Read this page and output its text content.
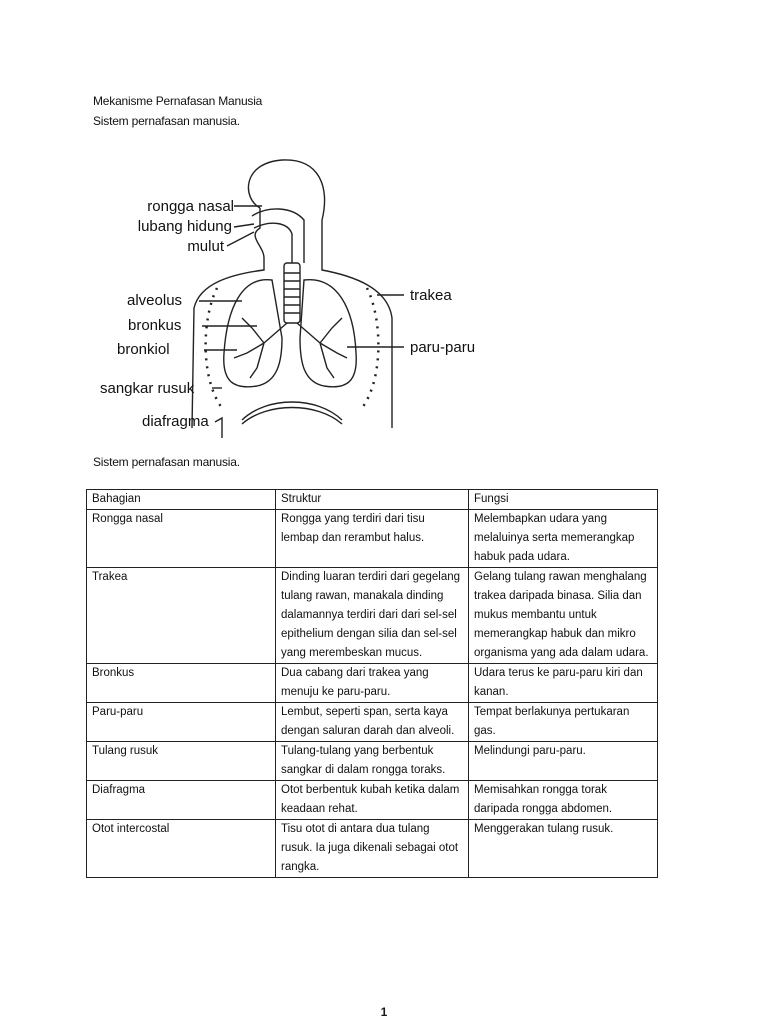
Mekanisme Pernafasan Manusia
Sistem pernafasan manusia.
rongga nasal
lubang hidung
mulut
alveolus
bronkus
bronkiol
sangkar rusuk
diafragma
trakea
paru-paru
Sistem pernafasan manusia.
Bahagian	Struktur	Fungsi
Rongga nasal	Rongga yang terdiri dari tisu lembap dan rerambut halus.	Melembapkan udara yang melaluinya serta memerangkap habuk pada udara.
Trakea	Dinding luaran terdiri dari gegelang tulang rawan, manakala dinding dalamannya terdiri dari dari sel-sel epithelium dengan silia dan sel-sel yang merembeskan mucus.	Gelang tulang rawan menghalang trakea daripada binasa. Silia dan mukus membantu untuk memerangkap habuk dan mikro organisma yang ada dalam udara.
Bronkus	Dua cabang dari trakea yang menuju ke paru-paru.	Udara terus ke paru-paru kiri dan kanan.
Paru-paru	Lembut, seperti span, serta kaya dengan saluran darah dan alveoli.	Tempat berlakunya pertukaran gas.
Tulang rusuk	Tulang-tulang yang berbentuk sangkar di dalam rongga toraks.	Melindungi paru-paru.
Diafragma	Otot berbentuk kubah ketika dalam keadaan rehat.	Memisahkan rongga torak daripada rongga abdomen.
Otot intercostal	Tisu otot di antara dua tulang rusuk. Ia juga dikenali sebagai otot rangka.	Menggerakan tulang rusuk.
1
